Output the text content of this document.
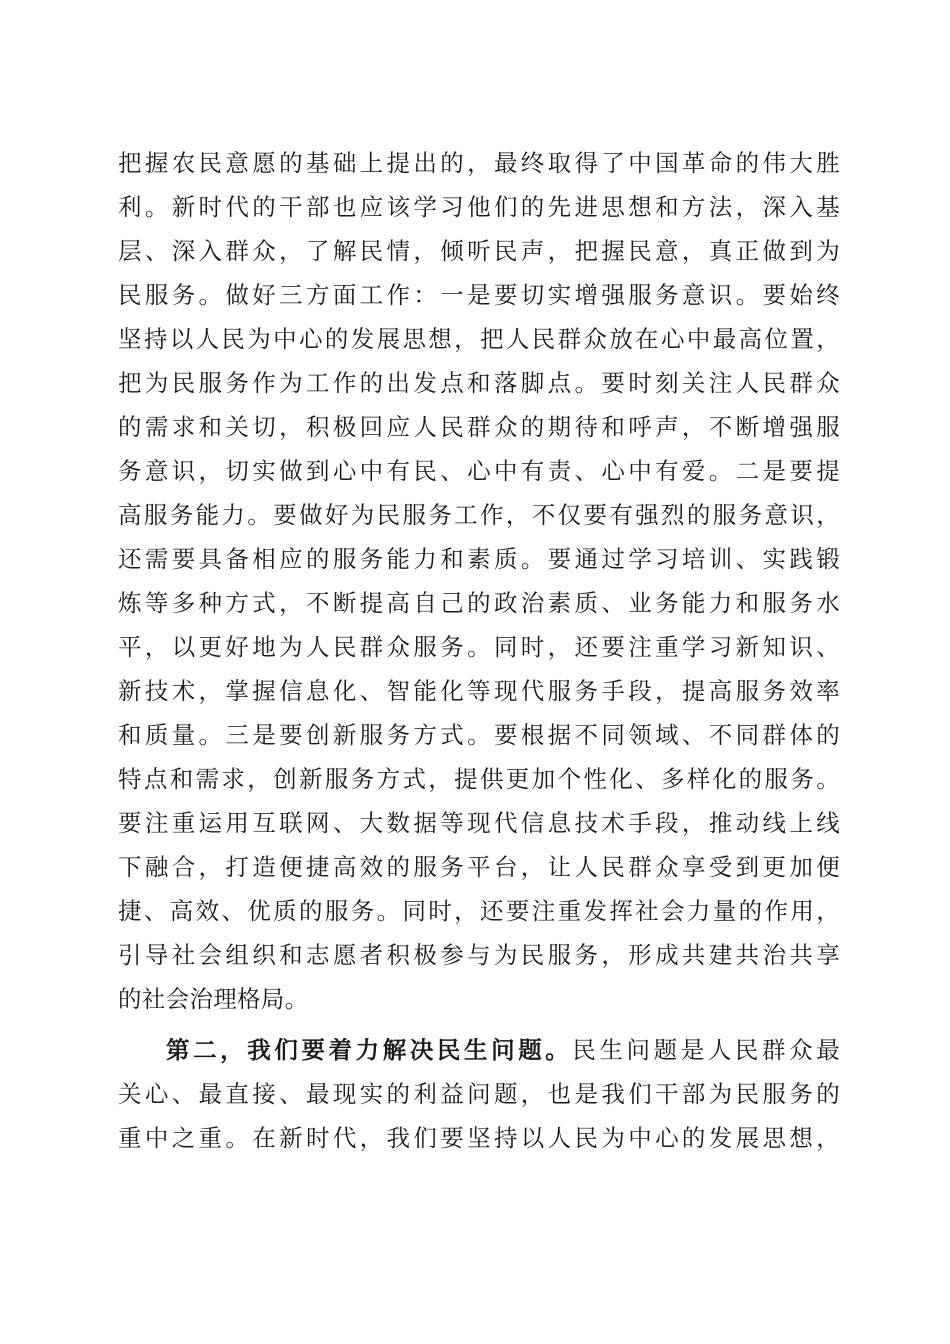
把握农民意愿的基础上提出的，最终取得了中国革命的伟大胜
利。新时代的干部也应该学习他们的先进思想和方法，深入基
层、深入群众，了解民情，倾听民声，把握民意，真正做到为
民服务。做好三方面工作：一是要切实增强服务意识。要始终
坚持以人民为中心的发展思想，把人民群众放在心中最高位置，
把为民服务作为工作的出发点和落脚点。要时刻关注人民群众
的需求和关切，积极回应人民群众的期待和呼声，不断增强服
务意识，切实做到心中有民、心中有责、心中有爱。二是要提
高服务能力。要做好为民服务工作，不仅要有强烈的服务意识，
还需要具备相应的服务能力和素质。要通过学习培训、实践锻
炼等多种方式，不断提高自己的政治素质、业务能力和服务水
平，以更好地为人民群众服务。同时，还要注重学习新知识、
新技术，掌握信息化、智能化等现代服务手段，提高服务效率
和质量。三是要创新服务方式。要根据不同领域、不同群体的
特点和需求，创新服务方式，提供更加个性化、多样化的服务。
要注重运用互联网、大数据等现代信息技术手段，推动线上线
下融合，打造便捷高效的服务平台，让人民群众享受到更加便
捷、高效、优质的服务。同时，还要注重发挥社会力量的作用，
引导社会组织和志愿者积极参与为民服务，形成共建共治共享
的社会治理格局。
第二，我们要着力解决民生问题。民生问题是人民群众最
关心、最直接、最现实的利益问题，也是我们干部为民服务的
重中之重。在新时代，我们要坚持以人民为中心的发展思想，
